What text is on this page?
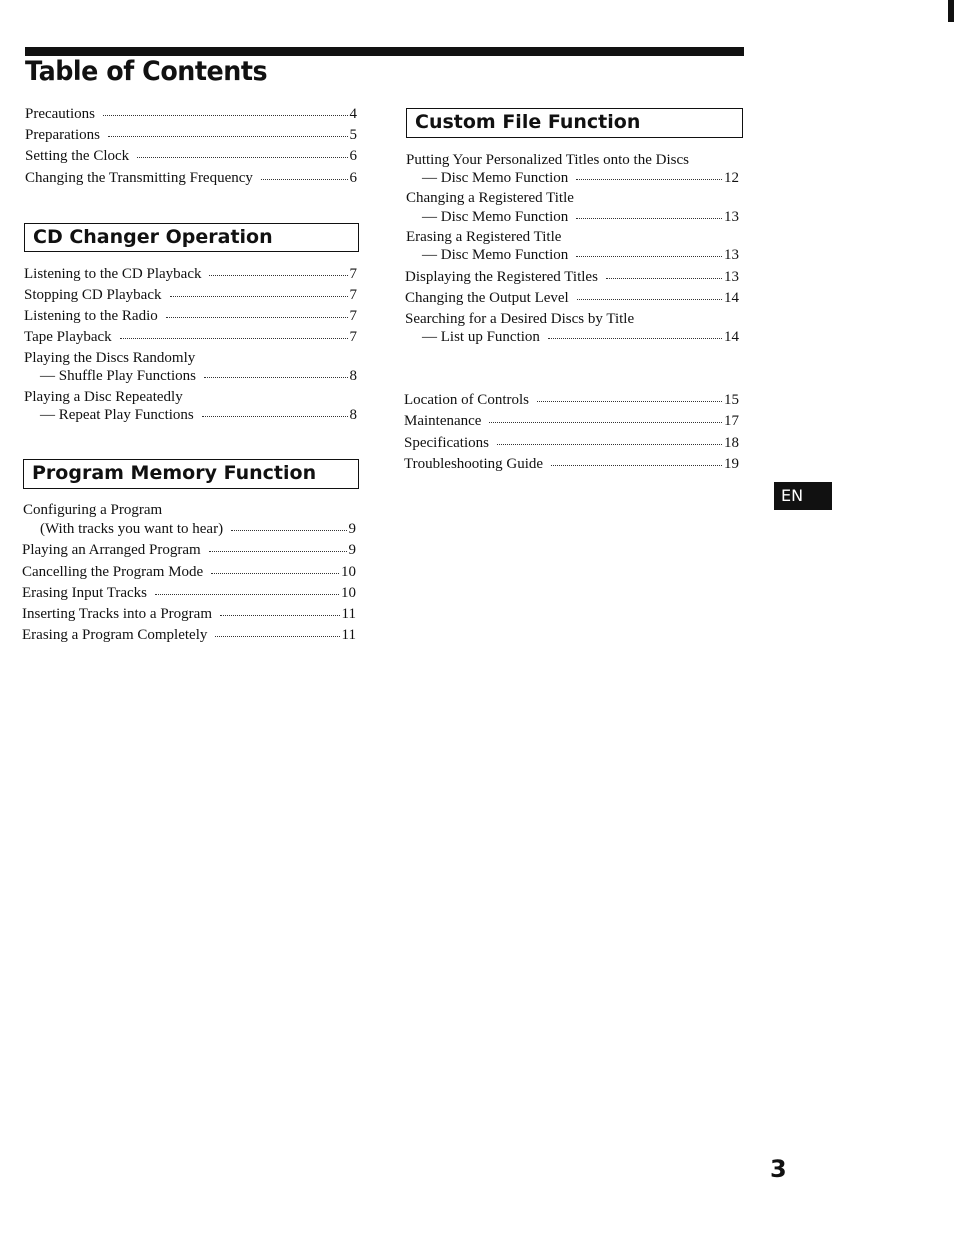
Table of Contents
Precautions	4
Preparations	5
Setting the Clock	6
Changing the Transmitting Frequency	6
CD Changer Operation
Listening to the CD Playback	7
Stopping CD Playback	7
Listening to the Radio	7
Tape Playback	7
Playing the Discs Randomly
— Shuffle Play Functions	8
Playing a Disc Repeatedly
— Repeat Play Functions	8
Program Memory Function
Configuring a Program
(With tracks you want to hear)	9
Playing an Arranged Program	9
Cancelling the Program Mode	10
Erasing Input Tracks	10
Inserting Tracks into a Program	11
Erasing a Program Completely	11
Custom File Function
Putting Your Personalized Titles onto the Discs
— Disc Memo Function	12
Changing a Registered Title
— Disc Memo Function	13
Erasing a Registered Title
— Disc Memo Function	13
Displaying the Registered Titles	13
Changing the Output Level	14
Searching for a Desired Discs by Title
— List up Function	14
Location of Controls	15
Maintenance	17
Specifications	18
Troubleshooting Guide	19
EN
3
